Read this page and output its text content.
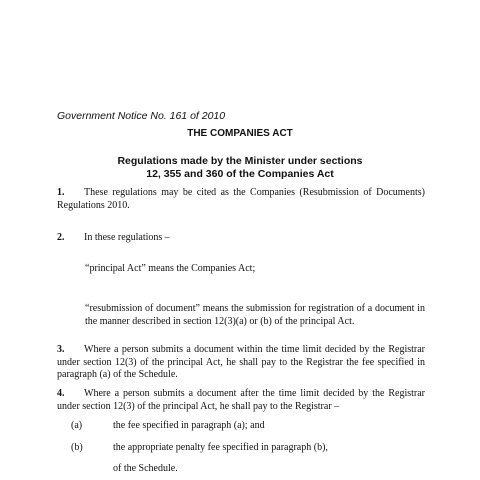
Government Notice No. 161 of 2010
THE COMPANIES ACT
Regulations made by the Minister under sections
12, 355 and 360 of the Companies Act
1. These regulations may be cited as the Companies (Resubmission of Documents) Regulations 2010.
2. In these regulations –
“principal Act” means the Companies Act;
“resubmission of document” means the submission for registration of a document in the manner described in section 12(3)(a) or (b) of the principal Act.
3. Where a person submits a document within the time limit decided by the Registrar under section 12(3) of the principal Act, he shall pay to the Registrar the fee specified in paragraph (a) of the Schedule.
4. Where a person submits a document after the time limit decided by the Registrar under section 12(3) of the principal Act, he shall pay to the Registrar –
(a)	the fee specified in paragraph (a); and
(b)	the appropriate penalty fee specified in paragraph (b),
of the Schedule.
